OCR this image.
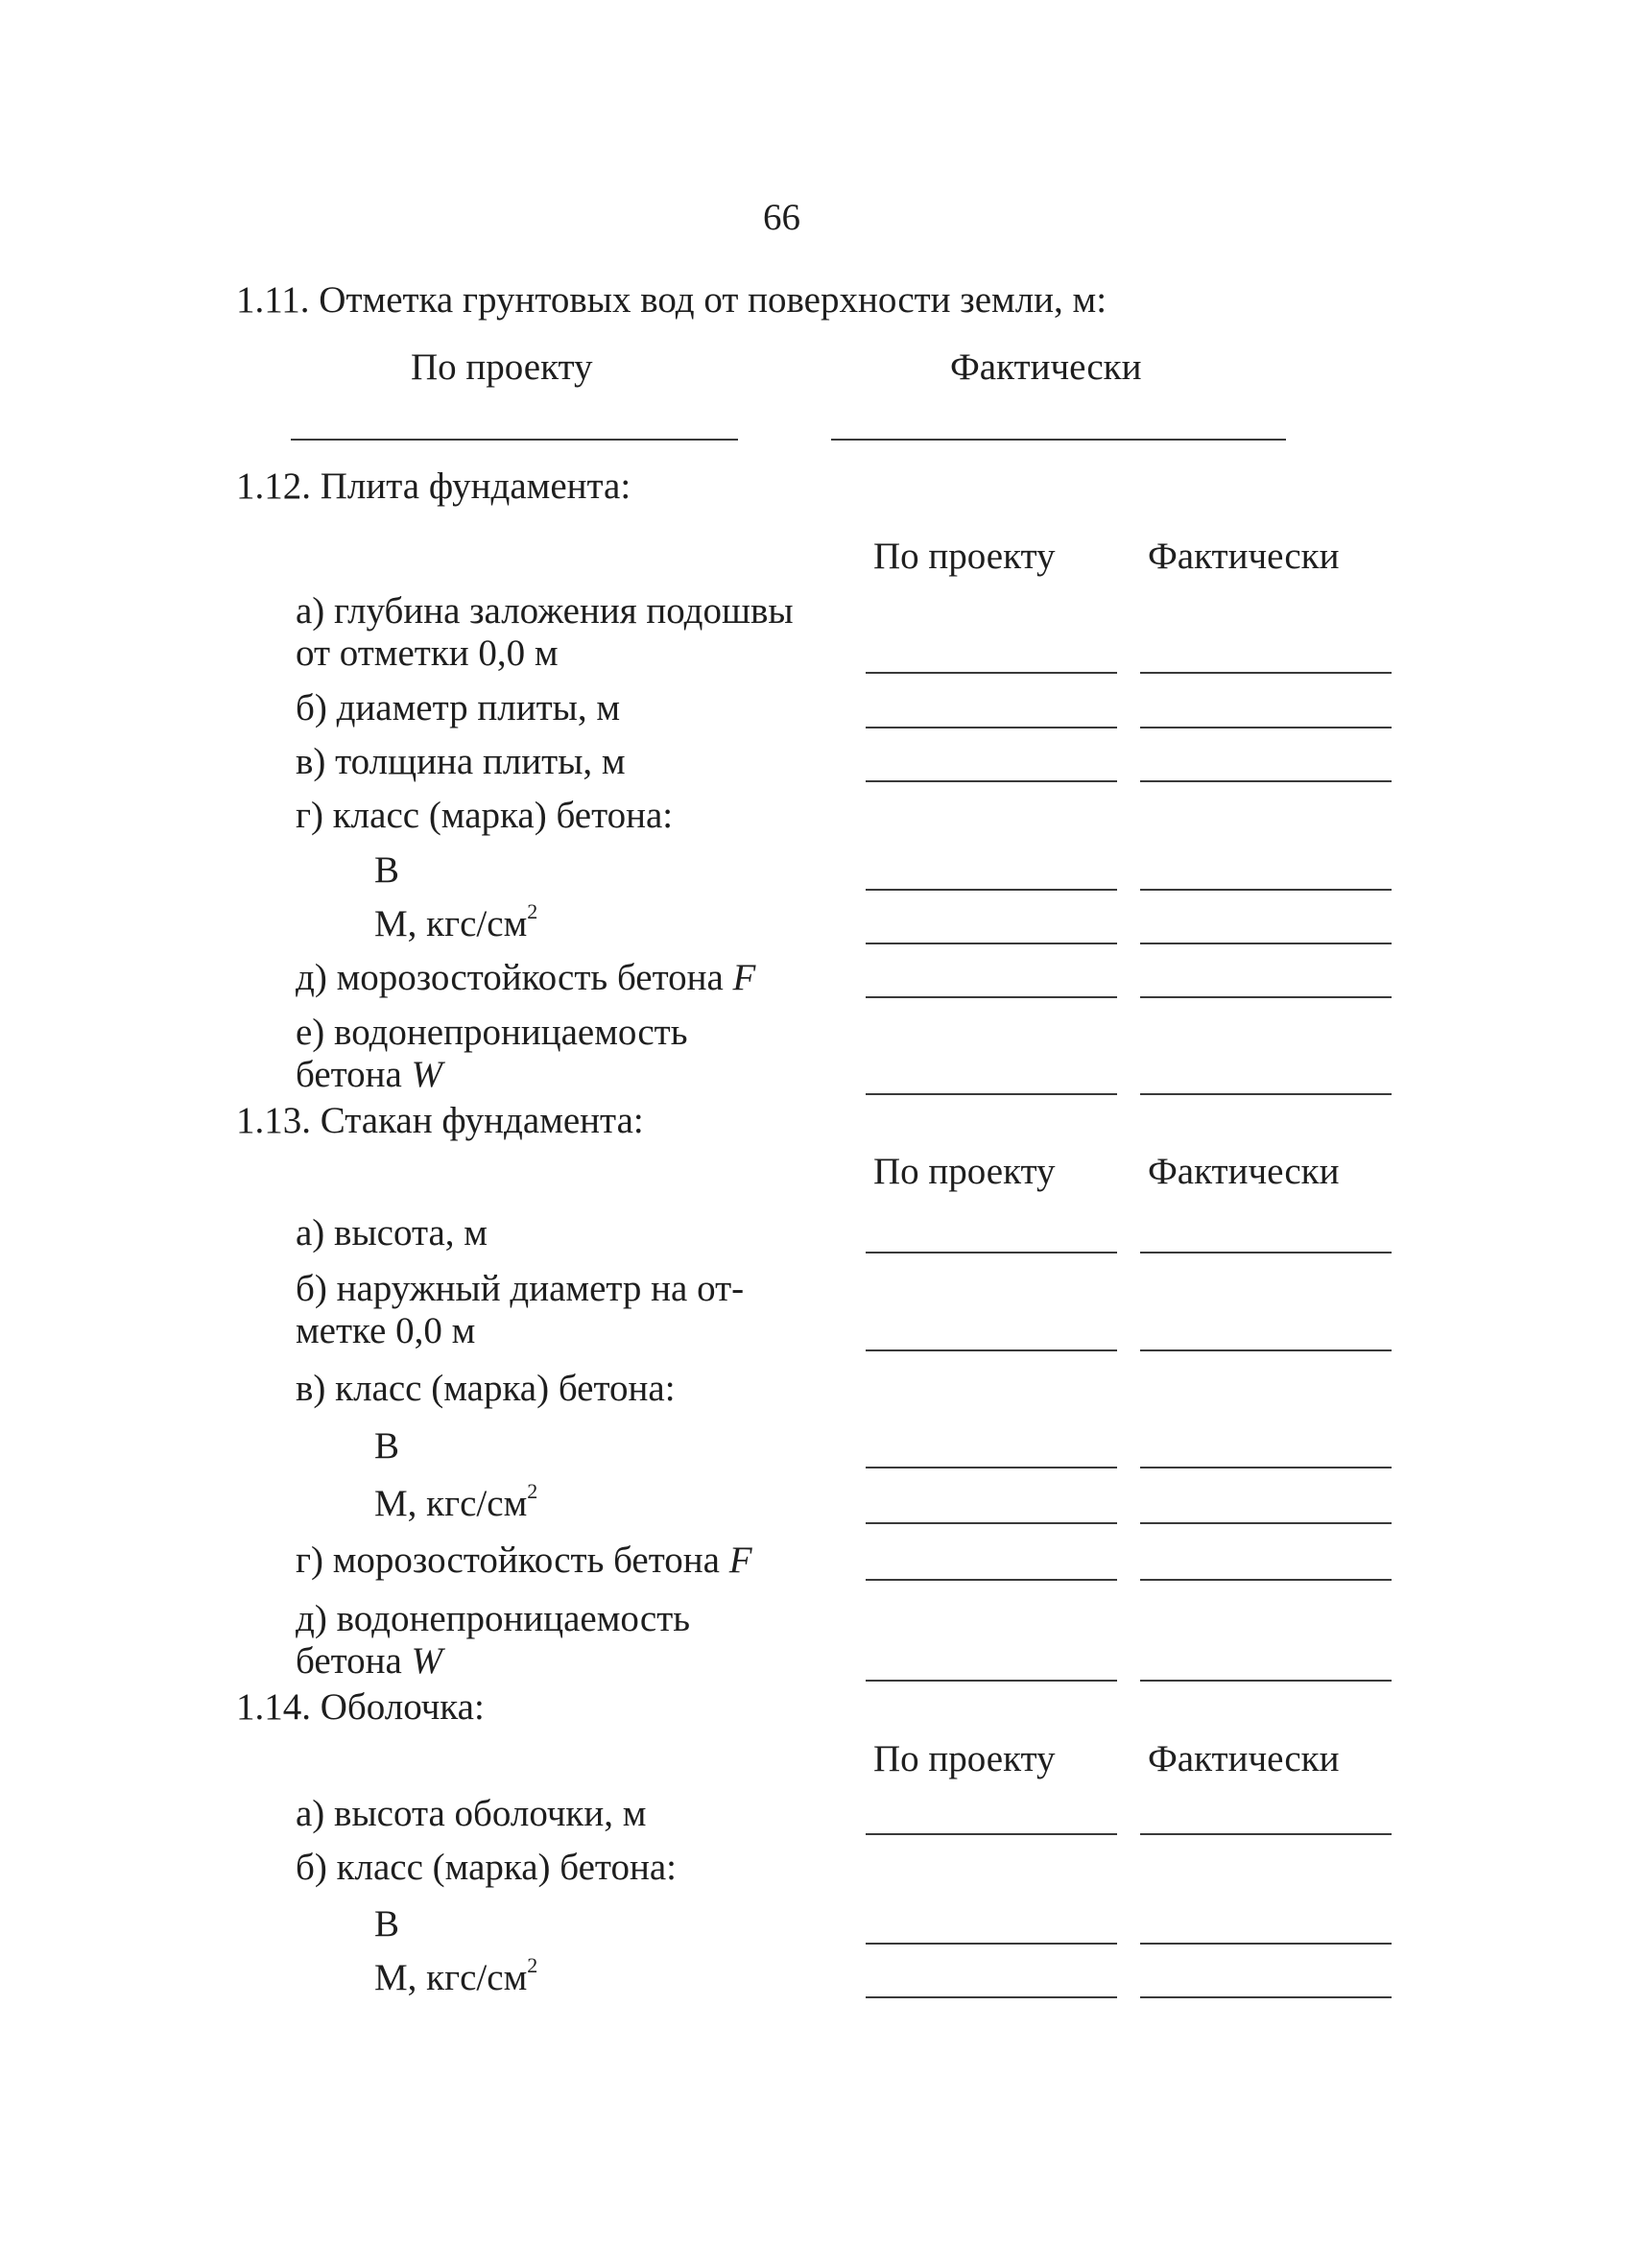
66
1.11. Отметка грунтовых вод от поверхности земли, м:
По проекту	Фактически
1.12. Плита фундамента:
По проекту Фактически
а) глубина заложения подошвы
от отметки 0,0 м
б) диаметр плиты, м
в) толщина плиты, м
г) класс (марка) бетона:
В
М, кгс/$см^2$
д) морозостойкость бетона F
е) водонепроницаемость
бетона W
1.13. Стакан фундамента:
По проекту Фактически
а) высота, м
б) наружный диаметр на от-
метке 0,0 м
в) класс (марка) бетона:
В
М, кгс/$см^2$
г) морозостойкость бетона F
д) водонепроницаемость
бетона W
1.14. Оболочка:
По проекту Фактически
а) высота оболочки, м
б) класс (марка) бетона:
В
М, кгс/$см^2$
